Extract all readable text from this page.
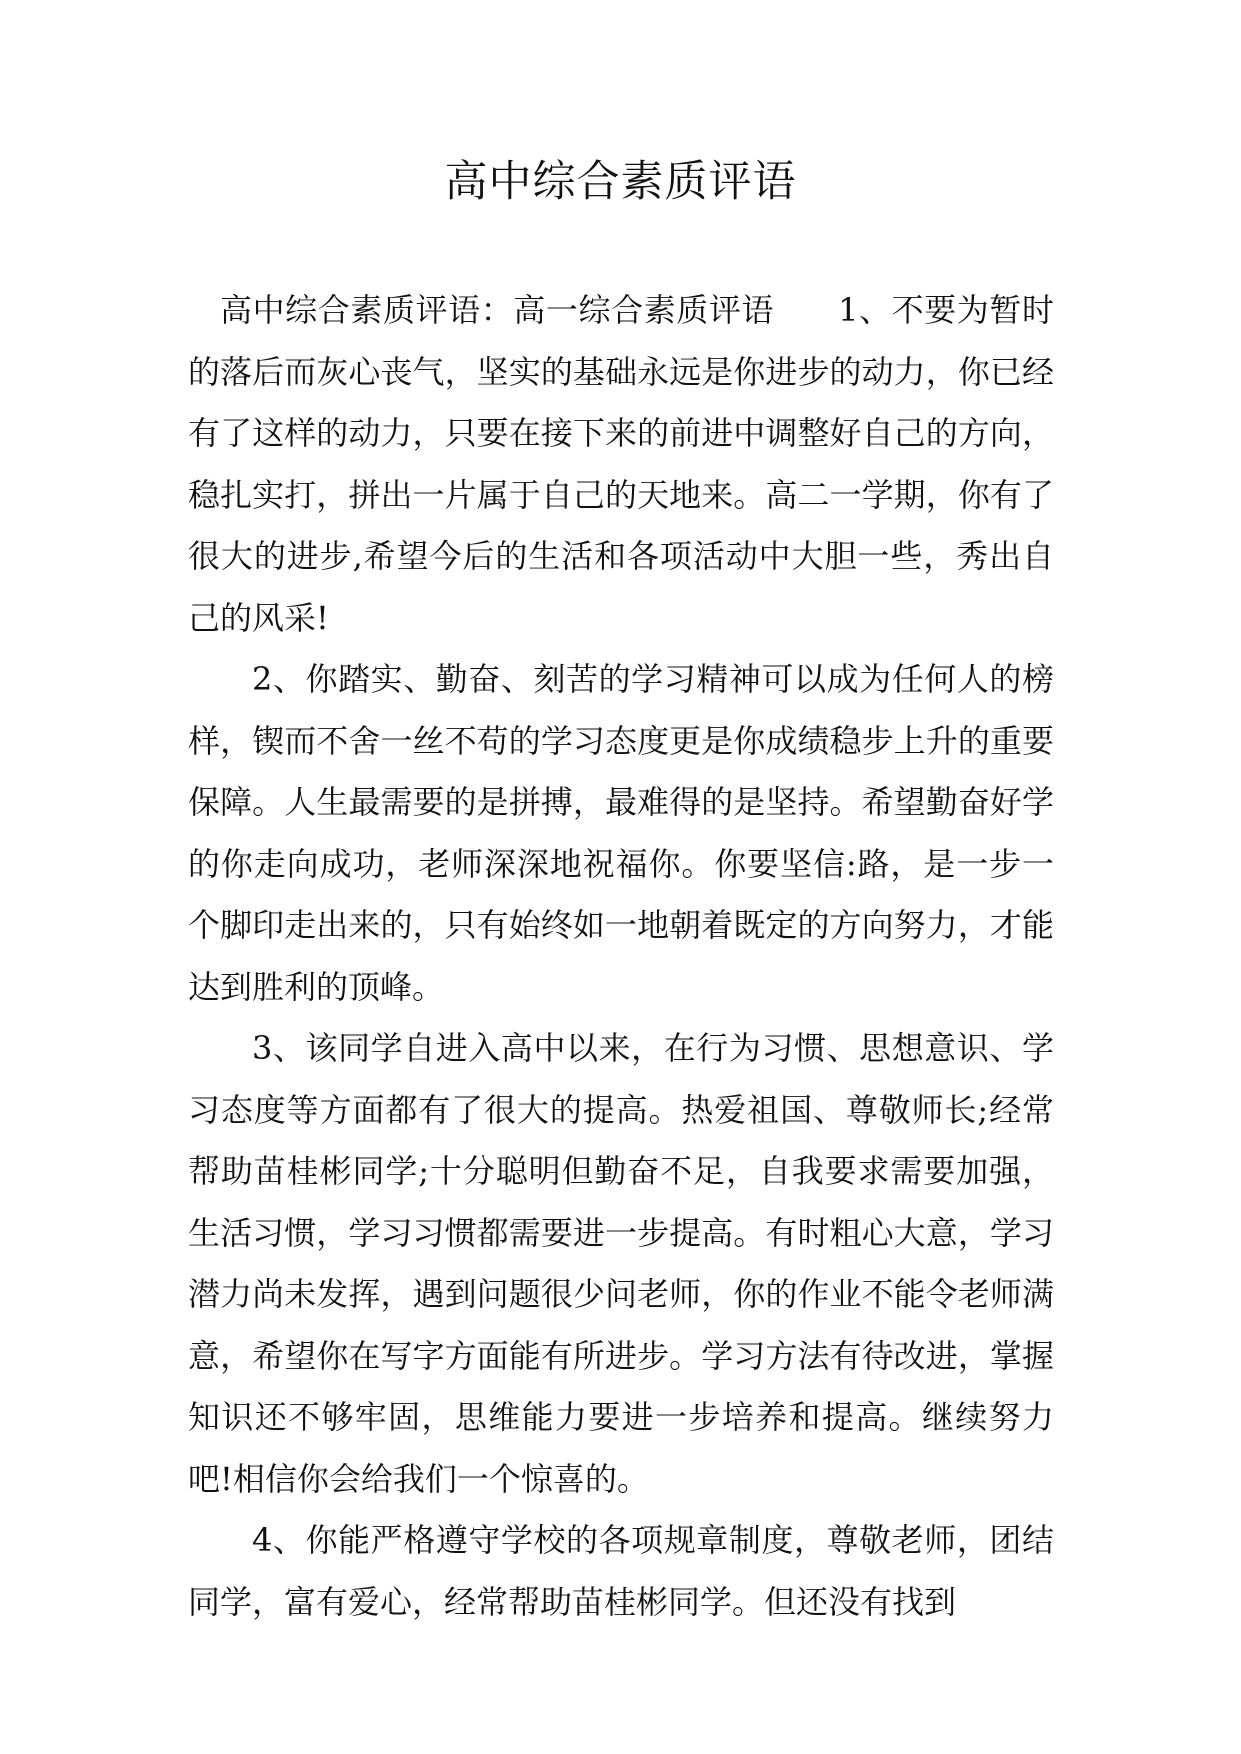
高中综合素质评语

高中综合素质评语：高一综合素质评语 1、不要为暂时的落后而灰心丧气，坚实的基础永远是你进步的动力，你已经有了这样的动力，只要在接下来的前进中调整好自己的方向，稳扎实打，拼出一片属于自己的天地来。高二一学期，你有了很大的进步,希望今后的生活和各项活动中大胆一些，秀出自己的风采!

2、你踏实、勤奋、刻苦的学习精神可以成为任何人的榜样，锲而不舍一丝不苟的学习态度更是你成绩稳步上升的重要保障。人生最需要的是拼搏，最难得的是坚持。希望勤奋好学的你走向成功，老师深深地祝福你。你要坚信:路，是一步一个脚印走出来的，只有始终如一地朝着既定的方向努力，才能达到胜利的顶峰。

3、该同学自进入高中以来，在行为习惯、思想意识、学习态度等方面都有了很大的提高。热爱祖国、尊敬师长;经常帮助苗桂彬同学;十分聪明但勤奋不足，自我要求需要加强，生活习惯，学习习惯都需要进一步提高。有时粗心大意，学习潜力尚未发挥，遇到问题很少问老师，你的作业不能令老师满意，希望你在写字方面能有所进步。学习方法有待改进，掌握知识还不够牢固，思维能力要进一步培养和提高。继续努力吧!相信你会给我们一个惊喜的。

4、你能严格遵守学校的各项规章制度，尊敬老师，团结同学，富有爱心，经常帮助苗桂彬同学。但还没有找到
